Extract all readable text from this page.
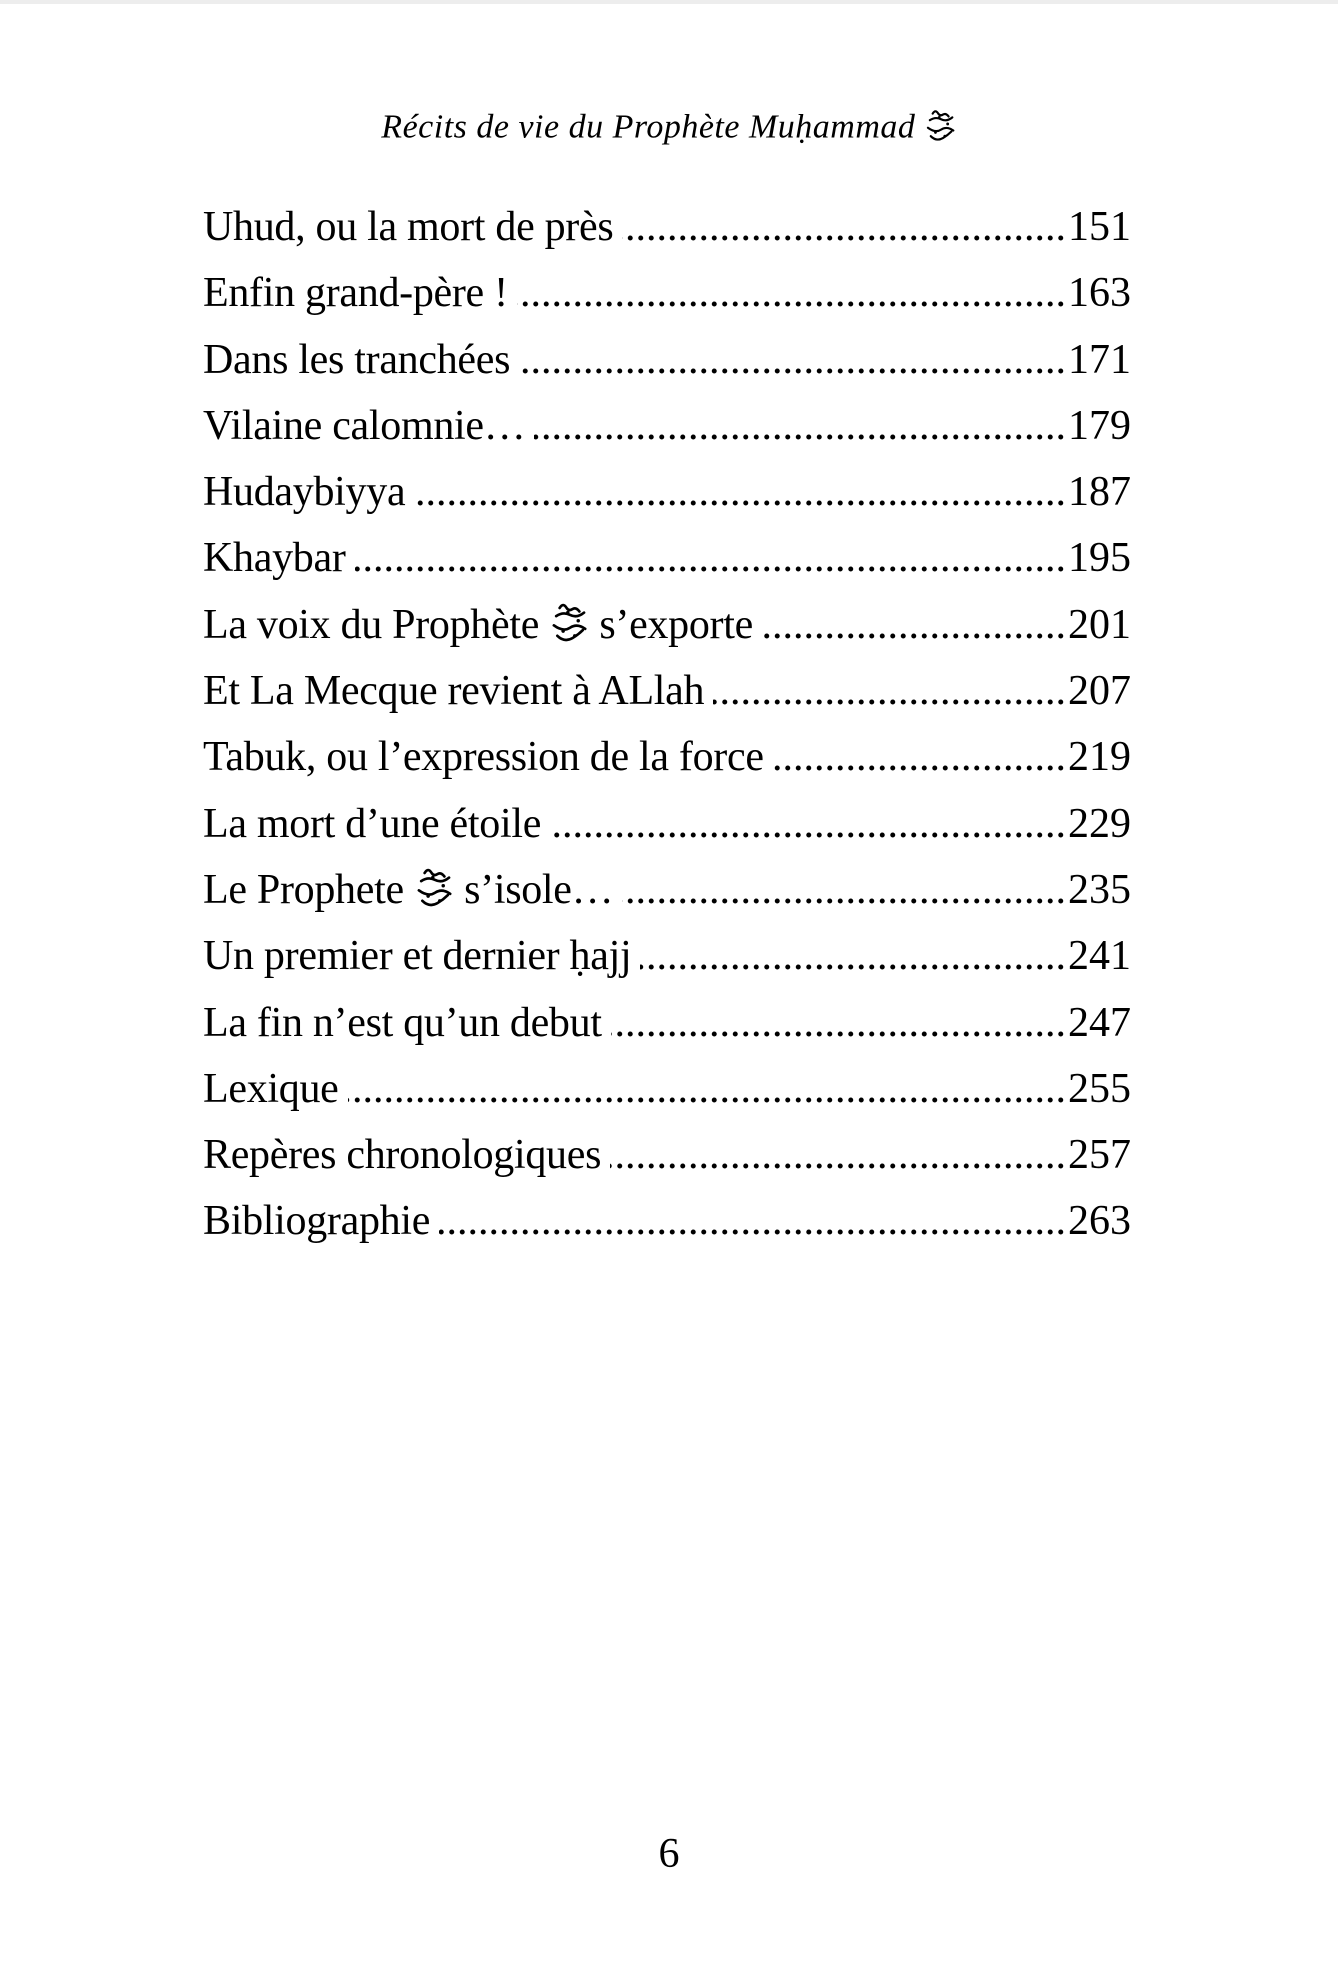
Récits de vie du Prophète Muḥammad
Uhud, ou la mort de près .....	151
Enfin grand-père ! .....	163
Dans les tranchées .....	171
Vilaine calomnie… .....	179
Hudaybiyya .....	187
Khaybar .....	195
La voix du Prophète  s’exporte .....	201
Et La Mecque revient à ALlah .....	207
Tabuk, ou l’expression de la force .....	219
La mort d’une étoile .....	229
Le Prophete  s’isole… .....	235
Un premier et dernier ḥajj .....	241
La fin n’est qu’un debut .....	247
Lexique .....	255
Repères chronologiques .....	257
Bibliographie .....	263
6
